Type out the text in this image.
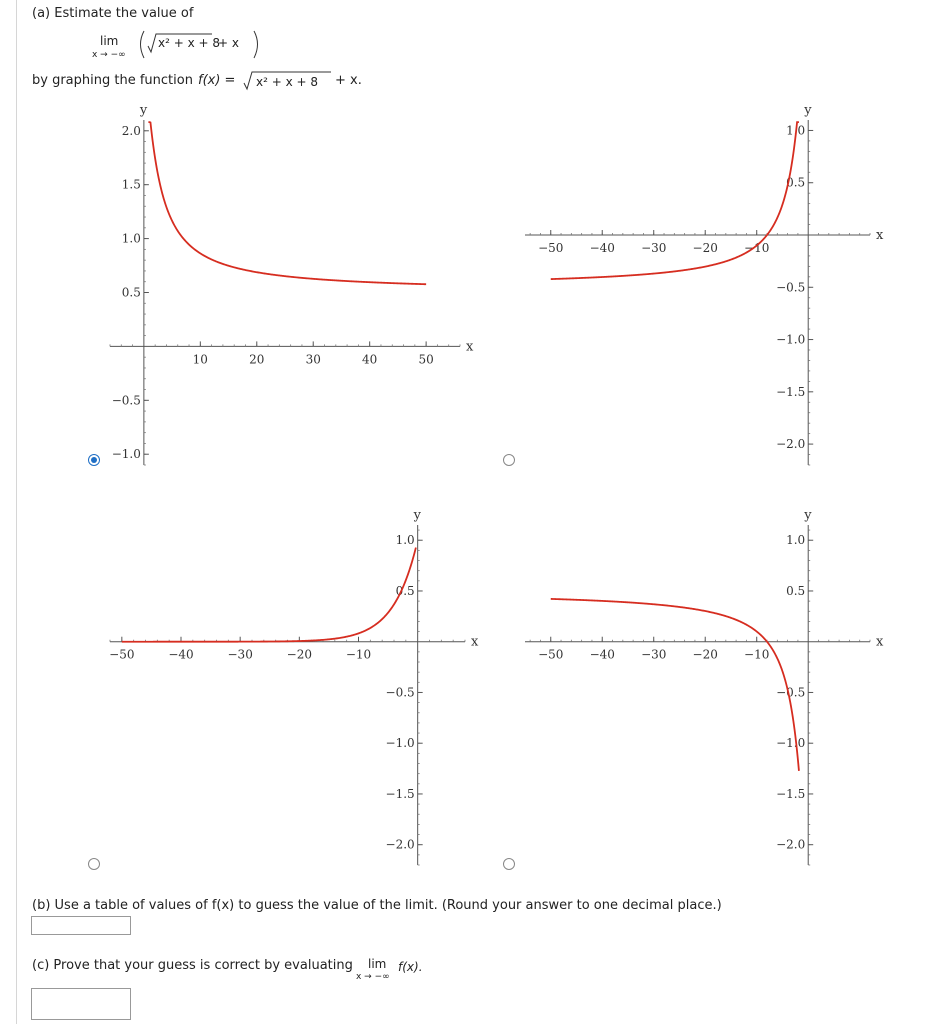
(a) Estimate the value of
lim
x → −∞
x² + x + 8
+ x
by graphing the function f(x) = x² + x + 8 + x.
10	20	30	40	50
2.0
1.5
1.0
0.5
−0.5
−1.0
x
y
−50 −40 −30 −20 −10
1.0
0.5
−0.5
−1.0
−1.5
−2.0
x
y
−50	−40	−30	−20	−10
1.0
0.5
−0.5
−1.0
−1.5
−2.0
x
y
−50 −40 −30 −20 −10
1.0
0.5
−0.5
−1.0
−1.5
−2.0
x
y
(b) Use a table of values of f(x) to guess the value of the limit. (Round your answer to one decimal place.)
(c) Prove that your guess is correct by evaluating lim
x → −∞
f(x).
